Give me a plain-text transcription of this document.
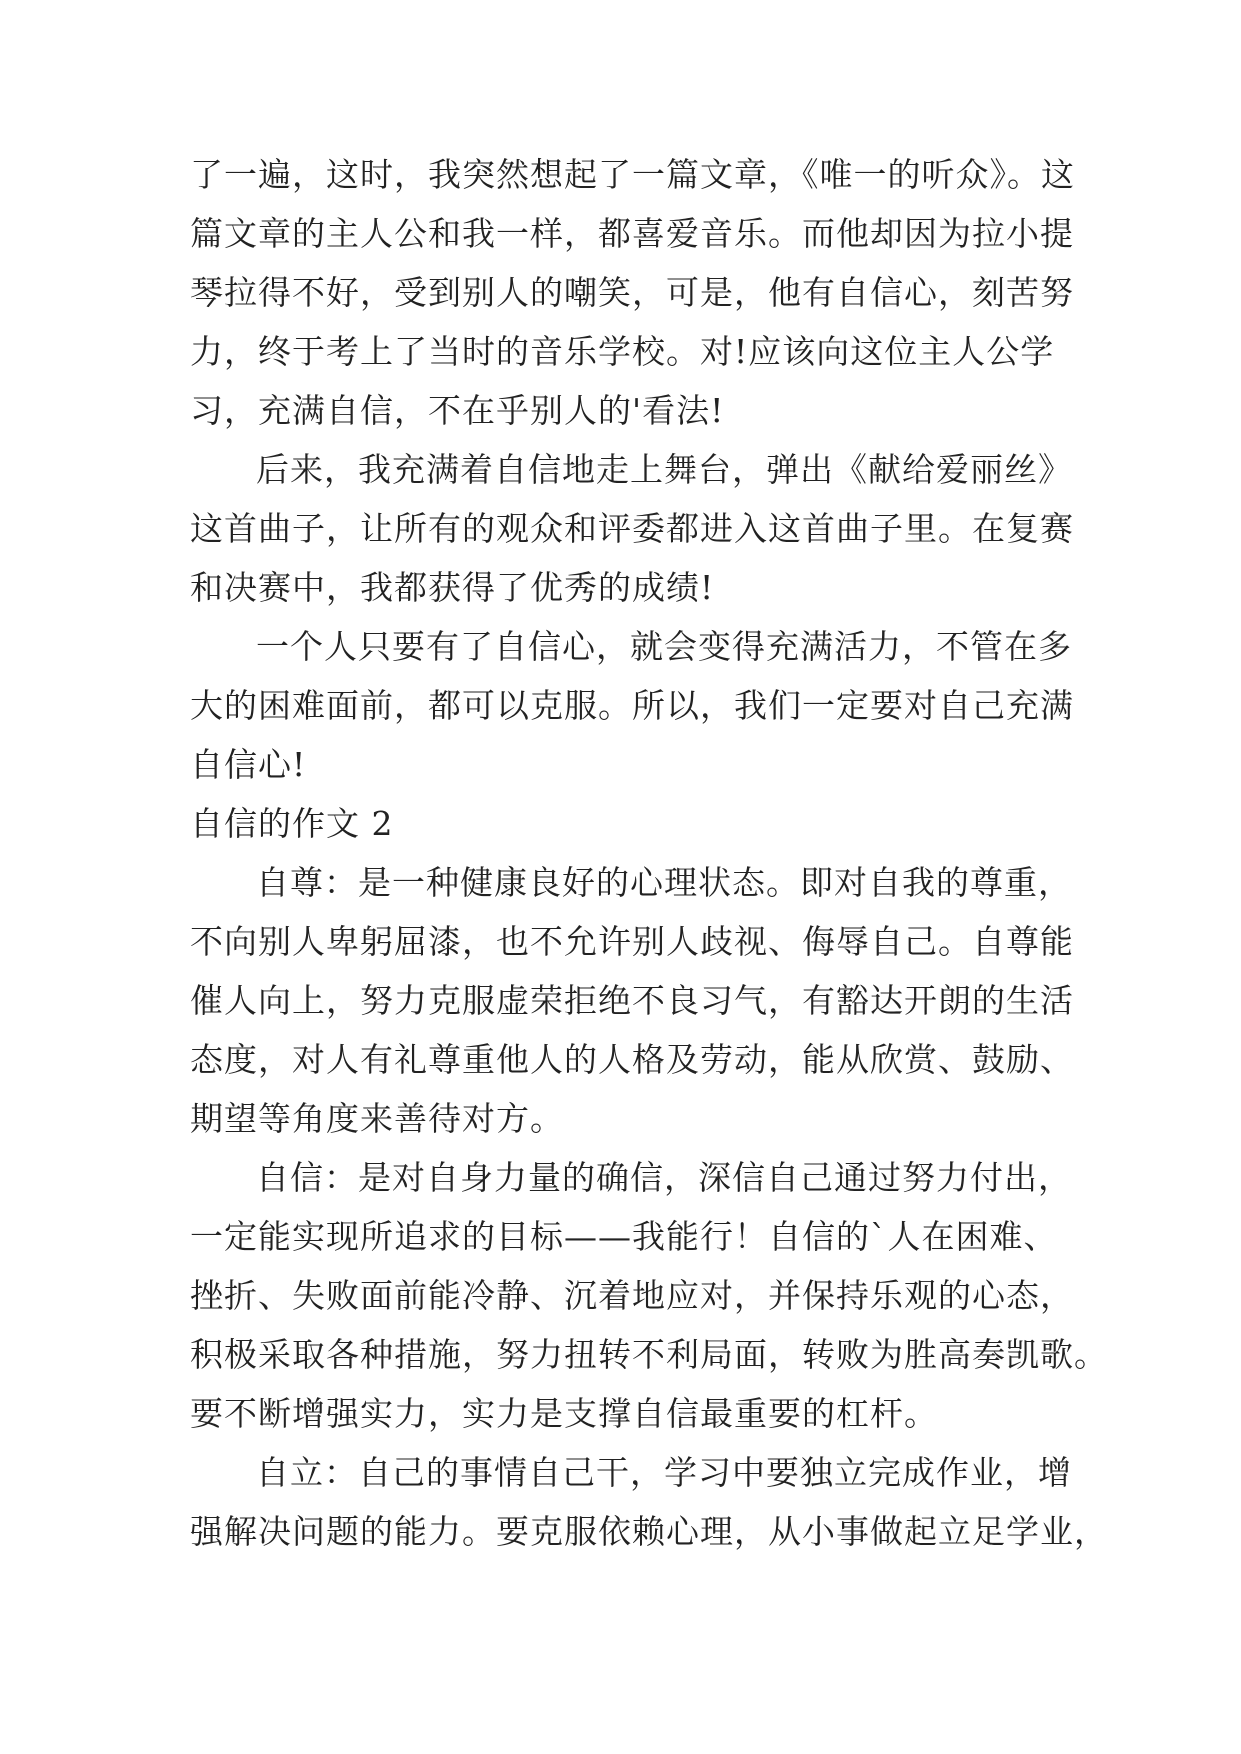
了一遍，这时，我突然想起了一篇文章，《唯一的听众》。这
篇文章的主人公和我一样，都喜爱音乐。而他却因为拉小提
琴拉得不好，受到别人的嘲笑，可是，他有自信心，刻苦努
力，终于考上了当时的音乐学校。对!应该向这位主人公学
习，充满自信，不在乎别人的'看法!
后来，我充满着自信地走上舞台，弹出《献给爱丽丝》
这首曲子，让所有的观众和评委都进入这首曲子里。在复赛
和决赛中，我都获得了优秀的成绩!
一个人只要有了自信心，就会变得充满活力，不管在多
大的困难面前，都可以克服。所以，我们一定要对自己充满
自信心!
自信的作文 2
自尊：是一种健康良好的心理状态。即对自我的尊重，
不向别人卑躬屈漆，也不允许别人歧视、侮辱自己。自尊能
催人向上，努力克服虚荣拒绝不良习气，有豁达开朗的生活
态度，对人有礼尊重他人的人格及劳动，能从欣赏、鼓励、
期望等角度来善待对方。
自信：是对自身力量的确信，深信自己通过努力付出，
一定能实现所追求的目标——我能行！自信的`人在困难、
挫折、失败面前能冷静、沉着地应对，并保持乐观的心态，
积极采取各种措施，努力扭转不利局面，转败为胜高奏凯歌。
要不断增强实力，实力是支撑自信最重要的杠杆。
自立：自己的事情自己干，学习中要独立完成作业，增
强解决问题的能力。要克服依赖心理，从小事做起立足学业，
